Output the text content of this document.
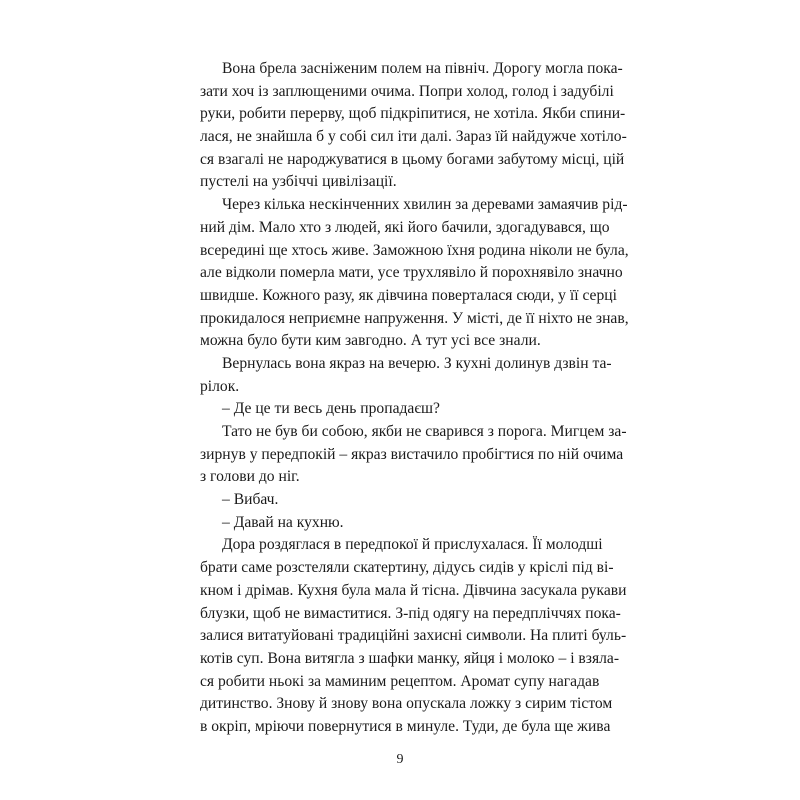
Вона брела засніженим полем на північ. Дорогу могла пока-
зати хоч із заплющеними очима. Попри холод, голод і задубілі
руки, робити перерву, щоб підкріпитися, не хотіла. Якби спини-
лася, не знайшла б у собі сил іти далі. Зараз їй найдужче хотіло-
ся взагалі не народжуватися в цьому богами забутому місці, цій
пустелі на узбіччі цивілізації.
Через кілька нескінченних хвилин за деревами замаячив рід-
ний дім. Мало хто з людей, які його бачили, здогадувався, що
всередині ще хтось живе. Заможною їхня родина ніколи не була,
але відколи померла мати, усе трухлявіло й порохнявіло значно
швидше. Кожного разу, як дівчина поверталася сюди, у її серці
прокидалося неприємне напруження. У місті, де її ніхто не знав,
можна було бути ким завгодно. А тут усі все знали.
Вернулась вона якраз на вечерю. З кухні долинув дзвін та-
рілок.
– Де це ти весь день пропадаєш?
Тато не був би собою, якби не сварився з порога. Мигцем за-
зирнув у передпокій – якраз вистачило пробігтися по ній очима
з голови до ніг.
– Вибач.
– Давай на кухню.
Дора роздяглася в передпокої й прислухалася. Її молодші
брати саме розстеляли скатертину, дідусь сидів у кріслі під ві-
кном і дрімав. Кухня була мала й тісна. Дівчина засукала рукави
блузки, щоб не вимаститися. З-під одягу на передпліччях пока-
залися витатуйовані традиційні захисні символи. На плиті буль-
котів суп. Вона витягла з шафки манку, яйця і молоко – і взяла-
ся робити ньокі за маминим рецептом. Аромат супу нагадав
дитинство. Знову й знову вона опускала ложку з сирим тістом
в окріп, мріючи повернутися в минуле. Туди, де була ще жива
9
